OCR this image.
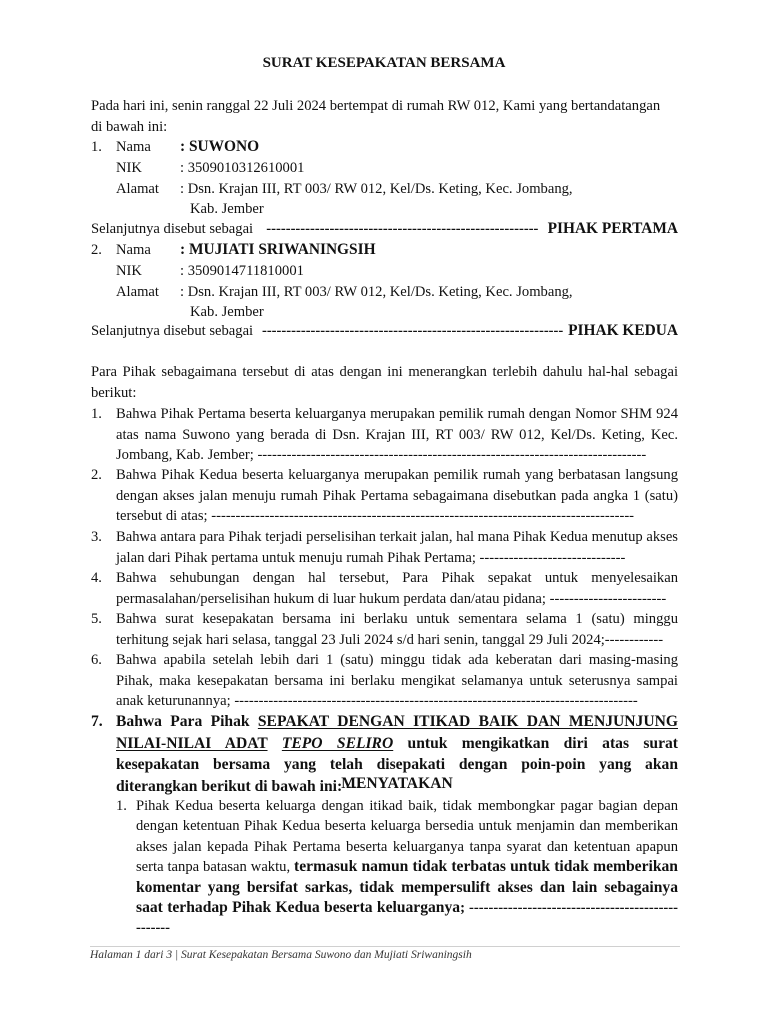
SURAT KESEPAKATAN BERSAMA
Pada hari ini, senin ranggal 22 Juli 2024 bertempat di rumah RW 012, Kami yang bertandatangan
di bawah ini:
1. Nama : SUWONO
NIK	: 3509010312610001
Alamat : Dsn. Krajan III, RT 003/ RW 012, Kel/Ds. Keting, Kec. Jombang,
Kab. Jember
Selanjutnya disebut sebagai -------------------------------------------------------- PIHAK PERTAMA
2. Nama : MUJIATI SRIWANINGSIH
NIK	: 3509014711810001
Alamat : Dsn. Krajan III, RT 003/ RW 012, Kel/Ds. Keting, Kec. Jombang,
Kab. Jember
Selanjutnya disebut sebagai -------------------------------------------------------------- PIHAK KEDUA
Para Pihak sebagaimana tersebut di atas dengan ini menerangkan terlebih dahulu hal-hal sebagai berikut:
1. Bahwa Pihak Pertama beserta keluarganya merupakan pemilik rumah dengan Nomor SHM 924 atas nama Suwono yang berada di Dsn. Krajan III, RT 003/ RW 012, Kel/Ds. Keting, Kec. Jombang, Kab. Jember; --------------------------------------------------------------------------------
2. Bahwa Pihak Kedua beserta keluarganya merupakan pemilik rumah yang berbatasan langsung dengan akses jalan menuju rumah Pihak Pertama sebagaimana disebutkan pada angka 1 (satu) tersebut di atas; ---------------------------------------------------------------------------------------
3. Bahwa antara para Pihak terjadi perselisihan terkait jalan, hal mana Pihak Kedua menutup akses jalan dari Pihak pertama untuk menuju rumah Pihak Pertama; ------------------------------
4. Bahwa sehubungan dengan hal tersebut, Para Pihak sepakat untuk menyelesaikan permasalahan/perselisihan hukum di luar hukum perdata dan/atau pidana; ------------------------
5. Bahwa surat kesepakatan bersama ini berlaku untuk sementara selama 1 (satu) minggu terhitung sejak hari selasa, tanggal 23 Juli 2024 s/d hari senin, tanggal 29 Juli 2024;------------
6. Bahwa apabila setelah lebih dari 1 (satu) minggu tidak ada keberatan dari masing-masing Pihak, maka kesepakatan bersama ini berlaku mengikat selamanya untuk seterusnya sampai anak keturunannya; -----------------------------------------------------------------------------------
7. Bahwa Para Pihak SEPAKAT DENGAN ITIKAD BAIK DAN MENJUNJUNG NILAI-NILAI ADAT TEPO SELIRO untuk mengikatkan diri atas surat kesepakatan bersama yang telah disepakati dengan poin-poin yang akan diterangkan berikut di bawah ini: ---
MENYATAKAN
1. Pihak Kedua beserta keluarga dengan itikad baik, tidak membongkar pagar bagian depan dengan ketentuan Pihak Kedua beserta keluarga bersedia untuk menjamin dan memberikan akses jalan kepada Pihak Pertama beserta keluarganya tanpa syarat dan ketentuan apapun serta tanpa batasan waktu, termasuk namun tidak terbatas untuk tidak memberikan komentar yang bersifat sarkas, tidak mempersulift akses dan lain sebagainya saat terhadap Pihak Kedua beserta keluarganya; --------------------------------------------------
Halaman 1 dari 3 | Surat Kesepakatan Bersama Suwono dan Mujiati Sriwaningsih
